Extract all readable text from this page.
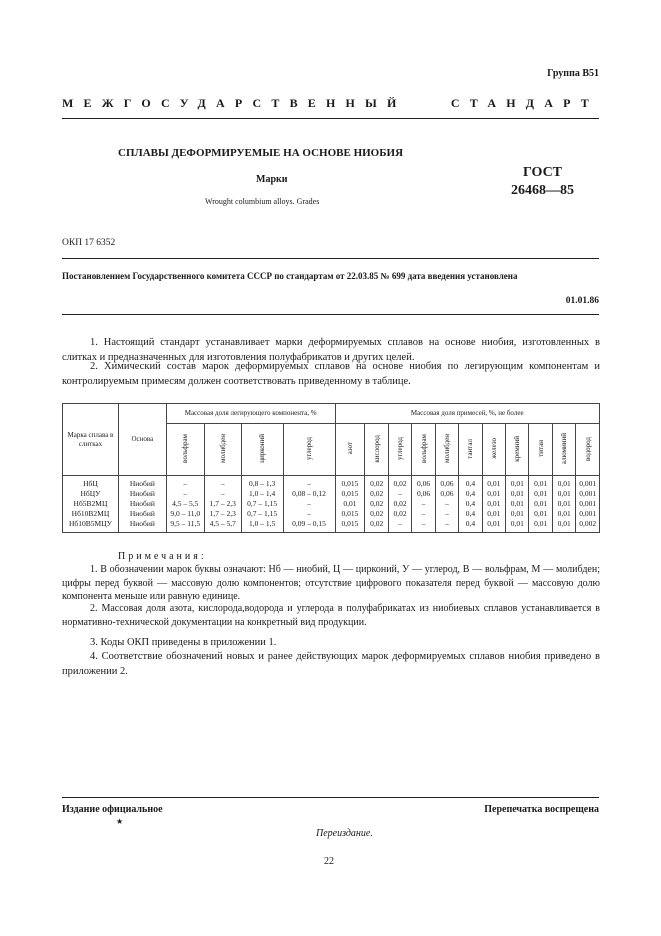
Группа В51
МЕЖГОСУДАРСТВЕННЫЙ	СТАНДАРТ
СПЛАВЫ ДЕФОРМИРУЕМЫЕ НА ОСНОВЕ НИОБИЯ
Марки
Wrought columbium alloys. Grades
ГОСТ
26468—85
ОКП 17 6352
Постановлением Государственного комитета СССР по стандартам от 22.03.85 № 699 дата введения установлена
01.01.86
1. Настоящий стандарт устанавливает марки деформируемых сплавов на основе ниобия, изготовленных в слитках и предназначенных для изготовления полуфабрикатов и других целей.
2. Химический состав марок деформируемых сплавов на основе ниобия по легирующим компонентам и контролируемым примесям должен соответствовать приведенному в таблице.
Марка сплава в слитках	Основа	Массовая доля легирующего компонента, %				Массовая доля примесей, %, не более										
		вольфрам	молибден	цирконий	углерод	азот	кислород	углерод	вольфрам	молибден	тантал	железо	кремний	титан	алюминий	водород
НбЦ	Ниобий	–	–	0,8 – 1,3	–	0,015	0,02	0,02	0,06	0,06	0,4	0,01	0,01	0,01	0,01	0,001
НбЦУ	Ниобий	–	–	1,0 – 1,4	0,08 – 0,12	0,015	0,02	–	0,06	0,06	0,4	0,01	0,01	0,01	0,01	0,001
Нб5В2МЦ	Ниобий	4,5 – 5,5	1,7 – 2,3	0,7 – 1,15	–	0,01	0,02	0,02	–	–	0,4	0,01	0,01	0,01	0,01	0,001
Нб10В2МЦ	Ниобий	9,0 – 11,0	1,7 – 2,3	0,7 – 1,15	–	0,015	0,02	0,02	–	–	0,4	0,01	0,01	0,01	0,01	0,001
Нб10В5МЦУ	Ниобий	9,5 – 11,5	4,5 – 5,7	1,0 – 1,5	0,09 – 0,15	0,015	0,02	–	–	–	0,4	0,01	0,01	0,01	0,01	0,002
Примечания:
1. В обозначении марок буквы означают: Нб — ниобий, Ц — цирконий, У — углерод, В — вольфрам, М — молибден; цифры перед буквой — массовую долю компонентов; отсутствие цифрового показателя перед буквой — массовую долю компонента меньше или равную единице.
2. Массовая доля азота, кислорода,водорода и углерода в полуфабрикатах из ниобиевых сплавов устанавливается в нормативно-технической документации на конкретный вид продукции.
3. Коды ОКП приведены в приложении 1.
4. Соответствие обозначений новых и ранее действующих марок деформируемых сплавов ниобия приведено в приложении 2.
Издание официальное
★
Перепечатка воспрещена
Переиздание.
22
